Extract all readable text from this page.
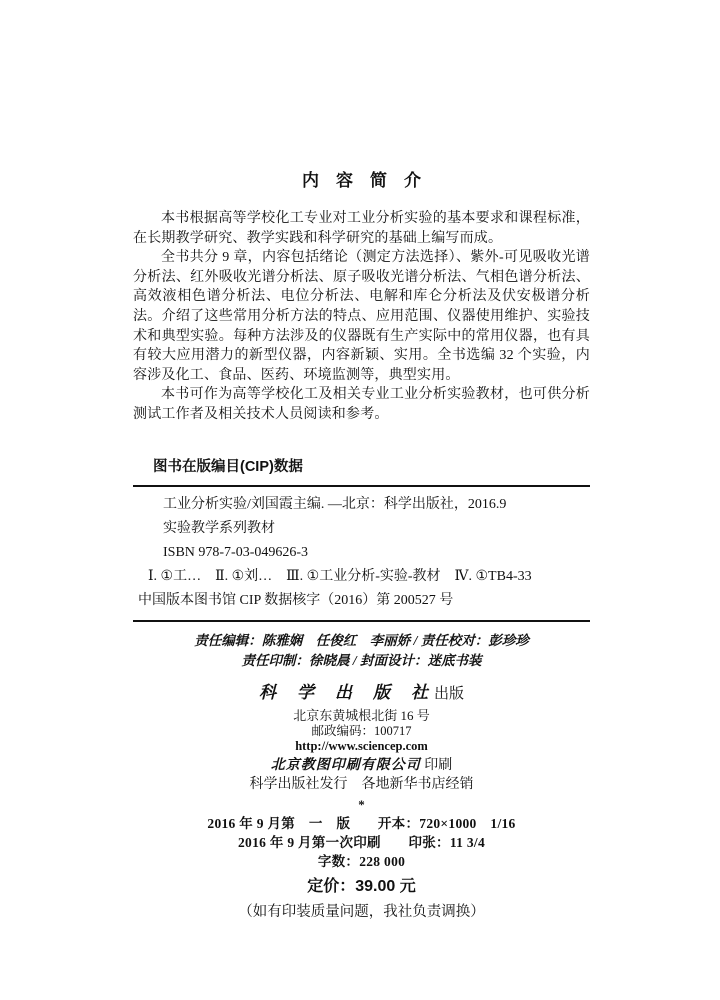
内　容　简　介

本书根据高等学校化工专业对工业分析实验的基本要求和课程标准，在长期教学研究、教学实践和科学研究的基础上编写而成。

全书共分 9 章，内容包括绪论（测定方法选择）、紫外-可见吸收光谱分析法、红外吸收光谱分析法、原子吸收光谱分析法、气相色谱分析法、高效液相色谱分析法、电位分析法、电解和库仑分析法及伏安极谱分析法。介绍了这些常用分析方法的特点、应用范围、仪器使用维护、实验技术和典型实验。每种方法涉及的仪器既有生产实际中的常用仪器，也有具有较大应用潜力的新型仪器，内容新颖、实用。全书选编 32 个实验，内容涉及化工、食品、医药、环境监测等，典型实用。

本书可作为高等学校化工及相关专业工业分析实验教材，也可供分析测试工作者及相关技术人员阅读和参考。

图书在版编目(CIP)数据
工业分析实验/刘国霞主编. —北京：科学出版社，2016.9
实验教学系列教材
ISBN 978-7-03-049626-3
Ⅰ. ①工…　Ⅱ. ①刘…　Ⅲ. ①工业分析-实验-教材　Ⅳ. ①TB4-33
中国版本图书馆 CIP 数据核字（2016）第 200527 号
责任编辑：陈雅娴　任俊红　李丽娇 / 责任校对：彭珍珍
责任印制：徐晓晨 / 封面设计：迷底书装
科　学　出　版　社 出版
北京东黄城根北街 16 号
邮政编码：100717
http://www.sciencep.com
北京教图印刷有限公司 印刷
科学出版社发行　各地新华书店经销
*
2016 年 9 月第　一　版　　开本：720×1000　1/16
2016 年 9 月第一次印刷　　印张：11 3/4
字数：228 000
定价：39.00 元
（如有印装质量问题，我社负责调换）
